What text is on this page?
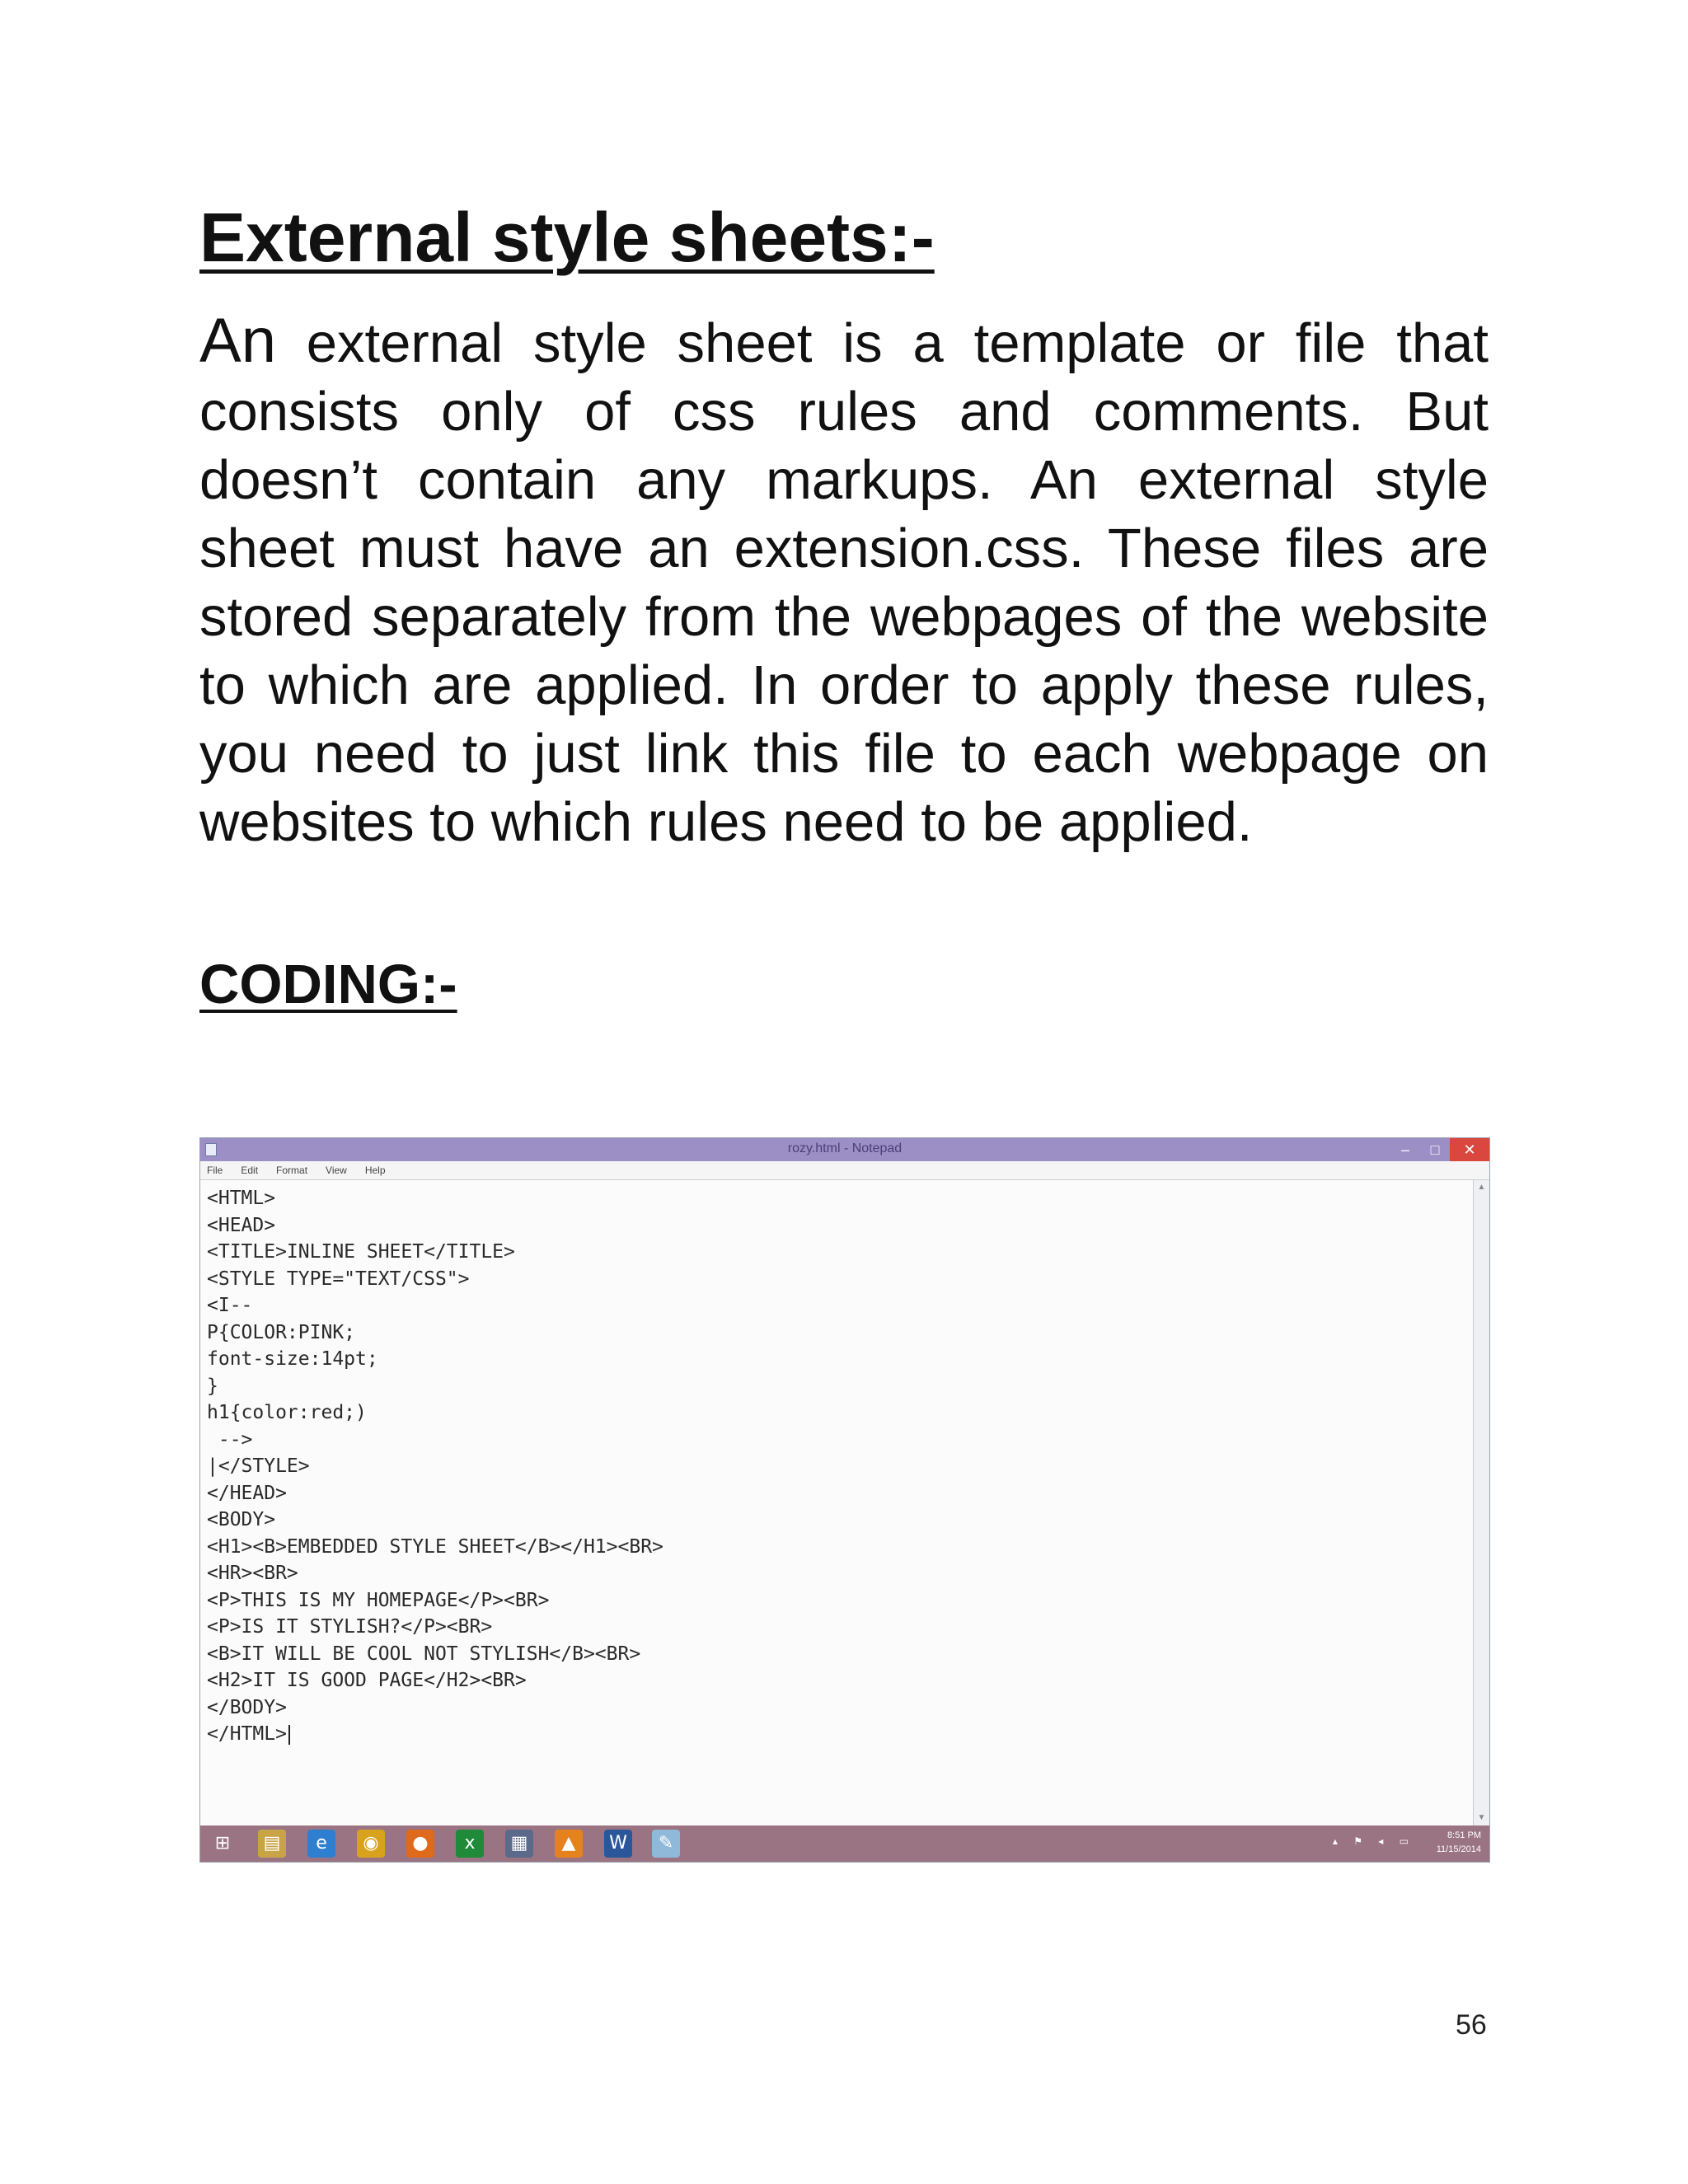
External style sheets:-

An external style sheet is a template or file that consists only of css rules and comments. But doesn’t contain any markups. An external style sheet must have an extension.css. These files are stored separately from the webpages of the website to which are applied. In order to apply these rules, you need to just link this file to each webpage on websites to which rules need to be applied.

CODING:-
rozy.html - Notepad	–	□	✕
File Edit Format View Help
<HTML>
<HEAD>
<TITLE>INLINE SHEET</TITLE>
<STYLE TYPE="TEXT/CSS">
<I--
P{COLOR:PINK;
font-size:14pt;
}
h1{color:red;)
-->
|</STYLE>
</HEAD>
<BODY>
<H1><B>EMBEDDED STYLE SHEET</B></H1><BR>
<HR><BR>
<P>THIS IS MY HOMEPAGE</P><BR>
<P>IS IT STYLISH?</P><BR>
<B>IT WILL BE COOL NOT STYLISH</B><BR>
<H2>IT IS GOOD PAGE</H2><BR>
</BODY>
</HTML>
▲
▼
⊞	▤	e	◉	●	x	▦	▲	W	✎	▴ ⚑ ◂ ▭	8:51 PM
11/15/2014
56
